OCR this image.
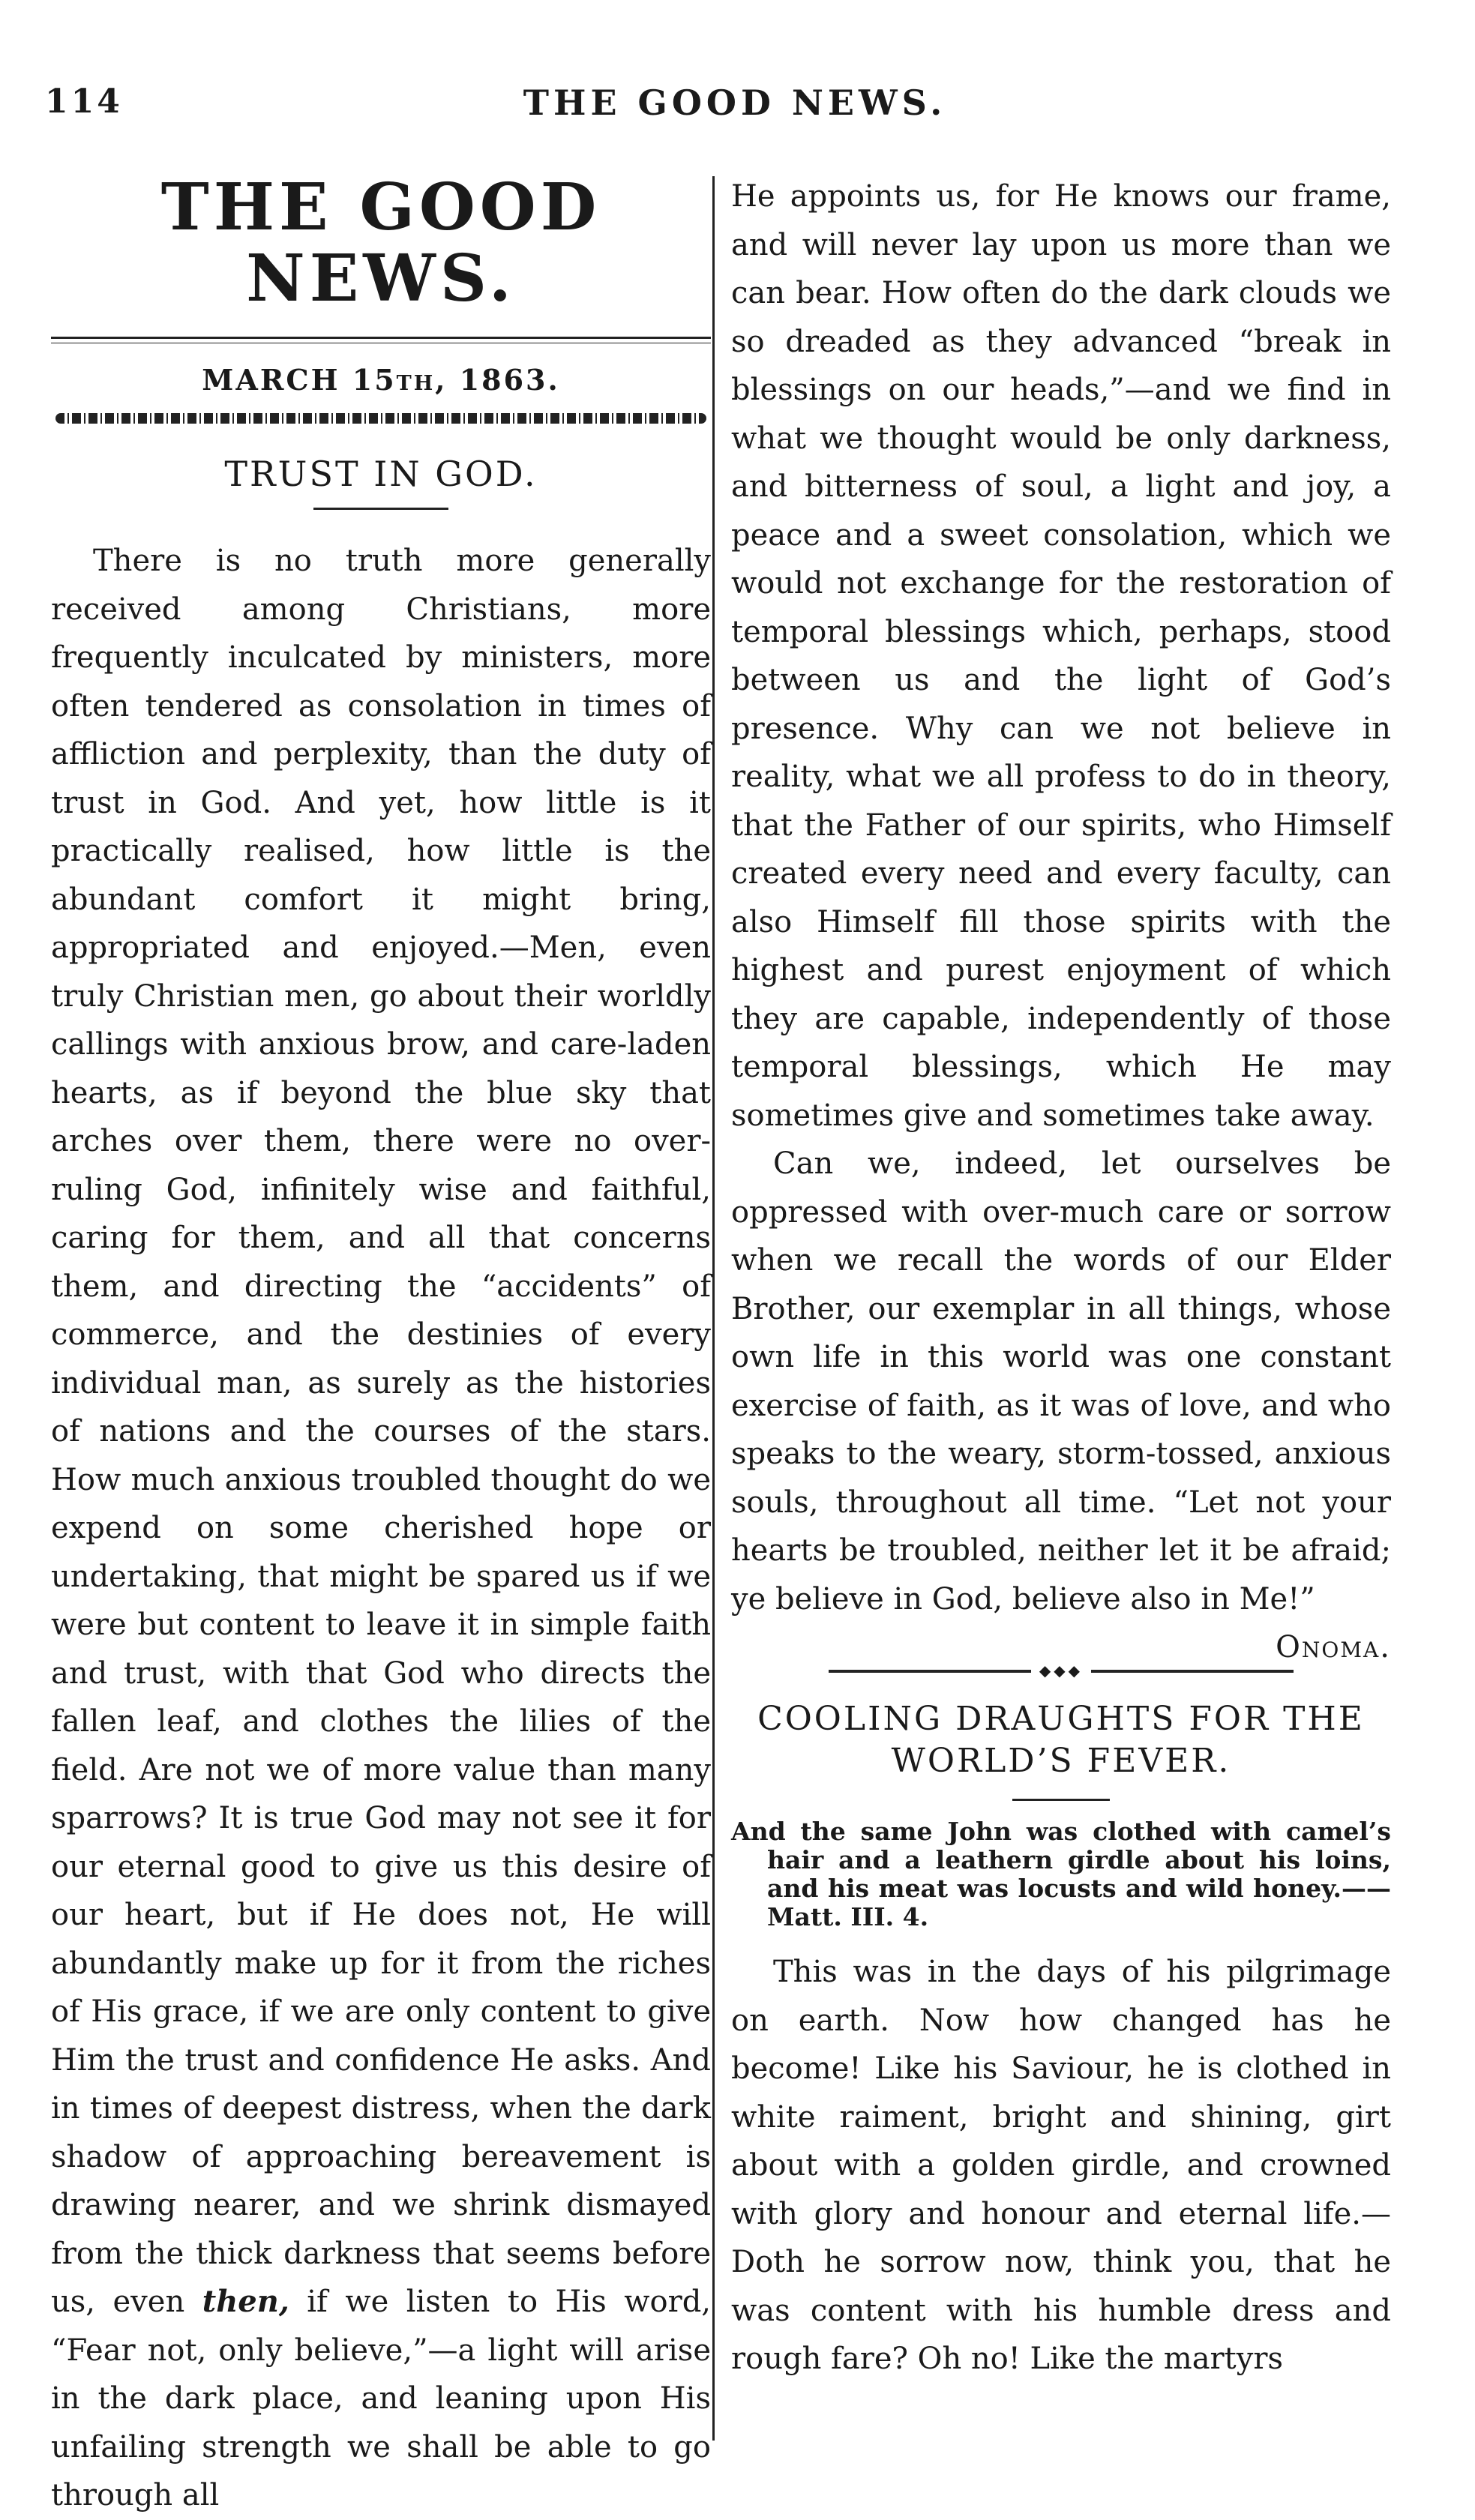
114	THE GOOD NEWS.
THE GOOD NEWS.
MARCH 15th, 1863.
TRUST IN GOD.

There is no truth more generally received among Christians, more frequently inculcated by ministers, more often tendered as consolation in times of affliction and perplexity, than the duty of trust in God. And yet, how little is it practically realised, how little is the abundant comfort it might bring, appropriated and enjoyed.—Men, even truly Christian men, go about their worldly callings with anxious brow, and care-laden hearts, as if beyond the blue sky that arches over them, there were no over-ruling God, infinitely wise and faithful, caring for them, and all that concerns them, and directing the “accidents” of commerce, and the destinies of every individual man, as surely as the histories of nations and the courses of the stars. How much anxious troubled thought do we expend on some cherished hope or undertaking, that might be spared us if we were but content to leave it in simple faith and trust, with that God who directs the fallen leaf, and clothes the lilies of the field. Are not we of more value than many sparrows? It is true God may not see it for our eternal good to give us this desire of our heart, but if He does not, He will abundantly make up for it from the riches of His grace, if we are only content to give Him the trust and confidence He asks. And in times of deepest distress, when the dark shadow of approaching bereavement is drawing nearer, and we shrink dismayed from the thick darkness that seems before us, even then, if we listen to His word, “Fear not, only believe,”—a light will arise in the dark place, and leaning upon His unfailing strength we shall be able to go through all

He appoints us, for He knows our frame, and will never lay upon us more than we can bear. How often do the dark clouds we so dreaded as they advanced “break in blessings on our heads,”—and we find in what we thought would be only darkness, and bitterness of soul, a light and joy, a peace and a sweet consolation, which we would not exchange for the restoration of temporal blessings which, perhaps, stood between us and the light of God’s presence. Why can we not believe in reality, what we all profess to do in theory, that the Father of our spirits, who Himself created every need and every faculty, can also Himself fill those spirits with the highest and purest enjoyment of which they are capable, independently of those temporal blessings, which He may sometimes give and sometimes take away.

Can we, indeed, let ourselves be oppressed with over-much care or sorrow when we recall the words of our Elder Brother, our exemplar in all things, whose own life in this world was one constant exercise of faith, as it was of love, and who speaks to the weary, storm-tossed, anxious souls, throughout all time. “Let not your hearts be troubled, neither let it be afraid; ye believe in God, believe also in Me!”
Onoma.

◆◆◆
COOLING DRAUGHTS FOR THE
WORLD’S FEVER.

And the same John was clothed with camel’s hair and a leathern girdle about his loins, and his meat was locusts and wild honey.——Matt. III. 4.

This was in the days of his pilgrimage on earth. Now how changed has he become! Like his Saviour, he is clothed in white raiment, bright and shining, girt about with a golden girdle, and crowned with glory and honour and eternal life.—Doth he sorrow now, think you, that he was content with his humble dress and rough fare? Oh no! Like the martyrs
